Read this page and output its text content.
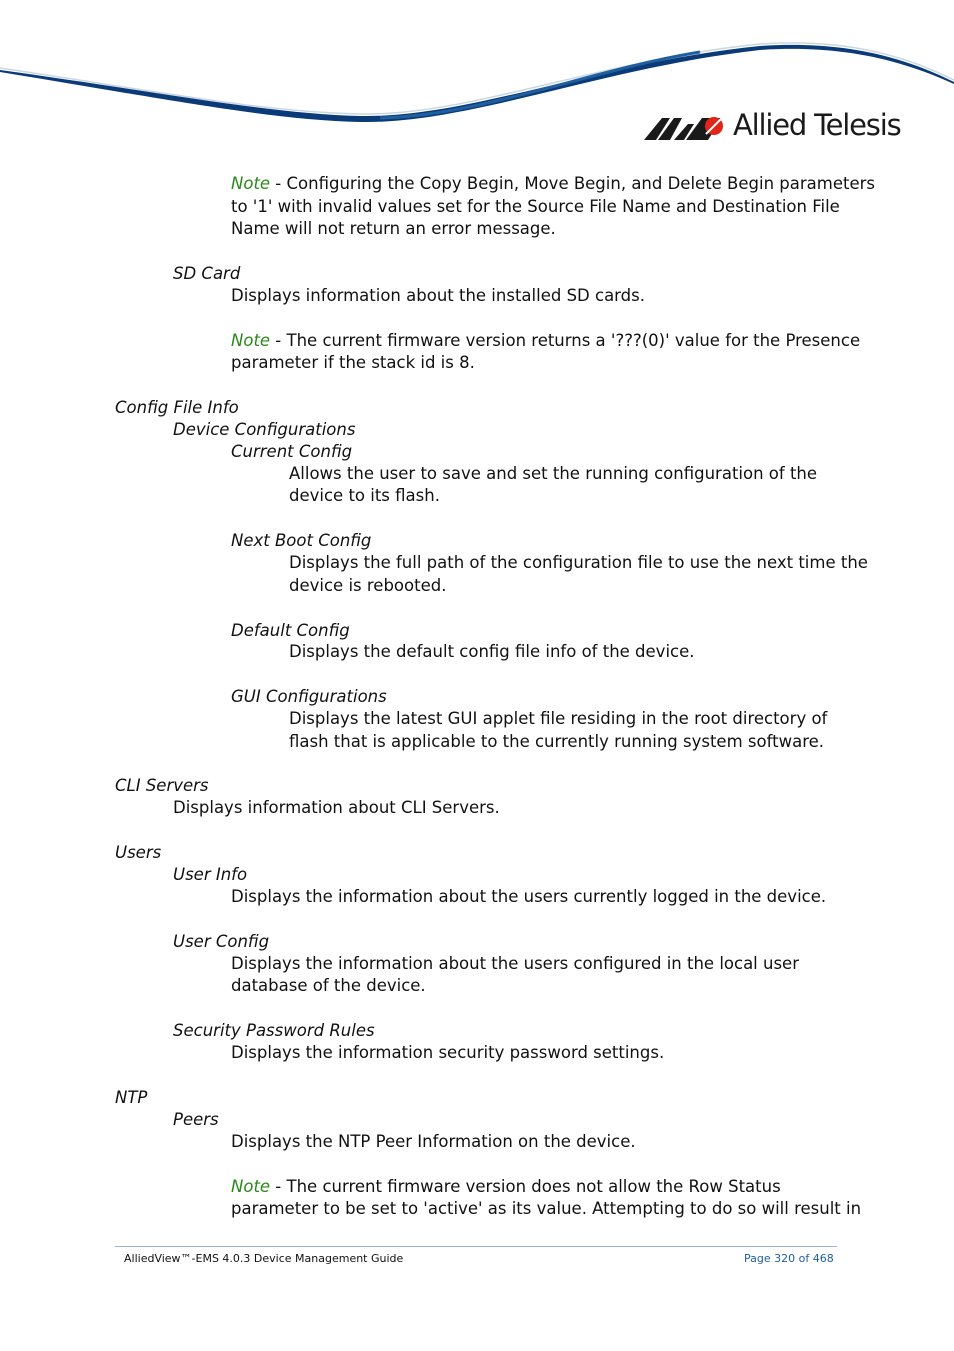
Allied Telesis
Note - Configuring the Copy Begin, Move Begin, and Delete Begin parameters
to '1' with invalid values set for the Source File Name and Destination File
Name will not return an error message.
SD Card
Displays information about the installed SD cards.
Note - The current firmware version returns a '???(0)' value for the Presence
parameter if the stack id is 8.
Config File Info
Device Configurations
Current Config
Allows the user to save and set the running configuration of the
device to its flash.
Next Boot Config
Displays the full path of the configuration file to use the next time the
device is rebooted.
Default Config
Displays the default config file info of the device.
GUI Configurations
Displays the latest GUI applet file residing in the root directory of
flash that is applicable to the currently running system software.
CLI Servers
Displays information about CLI Servers.
Users
User Info
Displays the information about the users currently logged in the device.
User Config
Displays the information about the users configured in the local user
database of the device.
Security Password Rules
Displays the information security password settings.
NTP
Peers
Displays the NTP Peer Information on the device.
Note - The current firmware version does not allow the Row Status
parameter to be set to 'active' as its value. Attempting to do so will result in
AlliedView™-EMS 4.0.3 Device Management Guide	Page 320 of 468
